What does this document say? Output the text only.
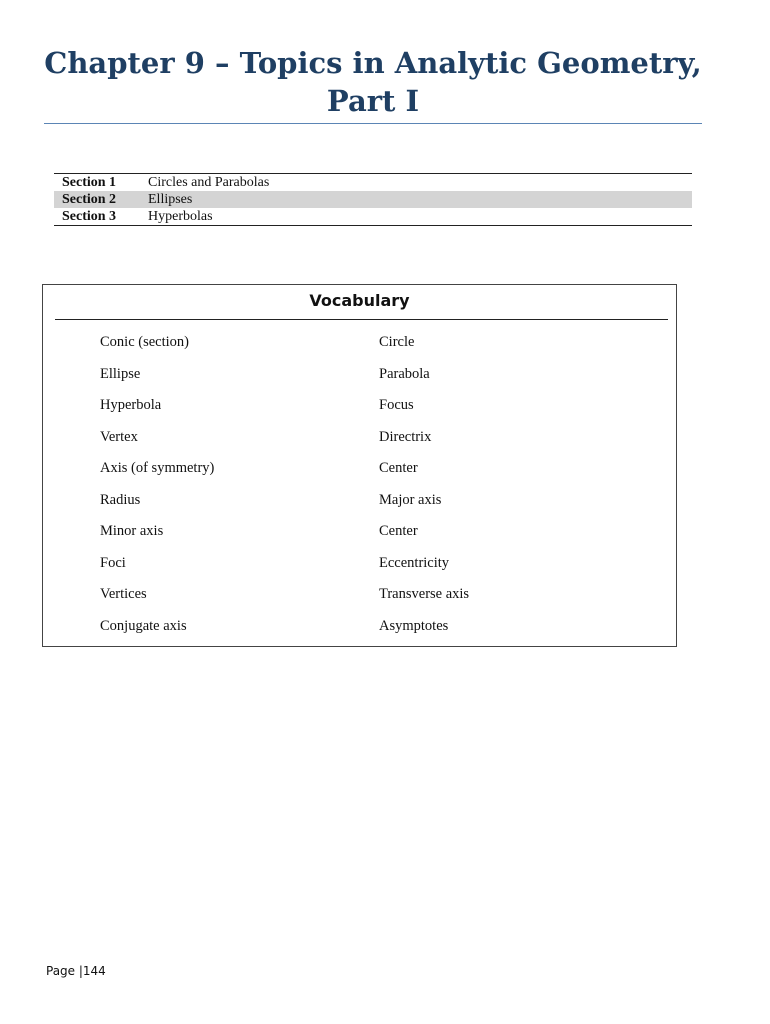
Chapter 9 – Topics in Analytic Geometry,
Part I
Section 1	Circles and Parabolas
Section 2	Ellipses
Section 3	Hyperbolas
Vocabulary
Conic (section)	Circle
Ellipse	Parabola
Hyperbola	Focus
Vertex	Directrix
Axis (of symmetry)	Center
Radius	Major axis
Minor axis	Center
Foci	Eccentricity
Vertices	Transverse axis
Conjugate axis	Asymptotes
Page |144
